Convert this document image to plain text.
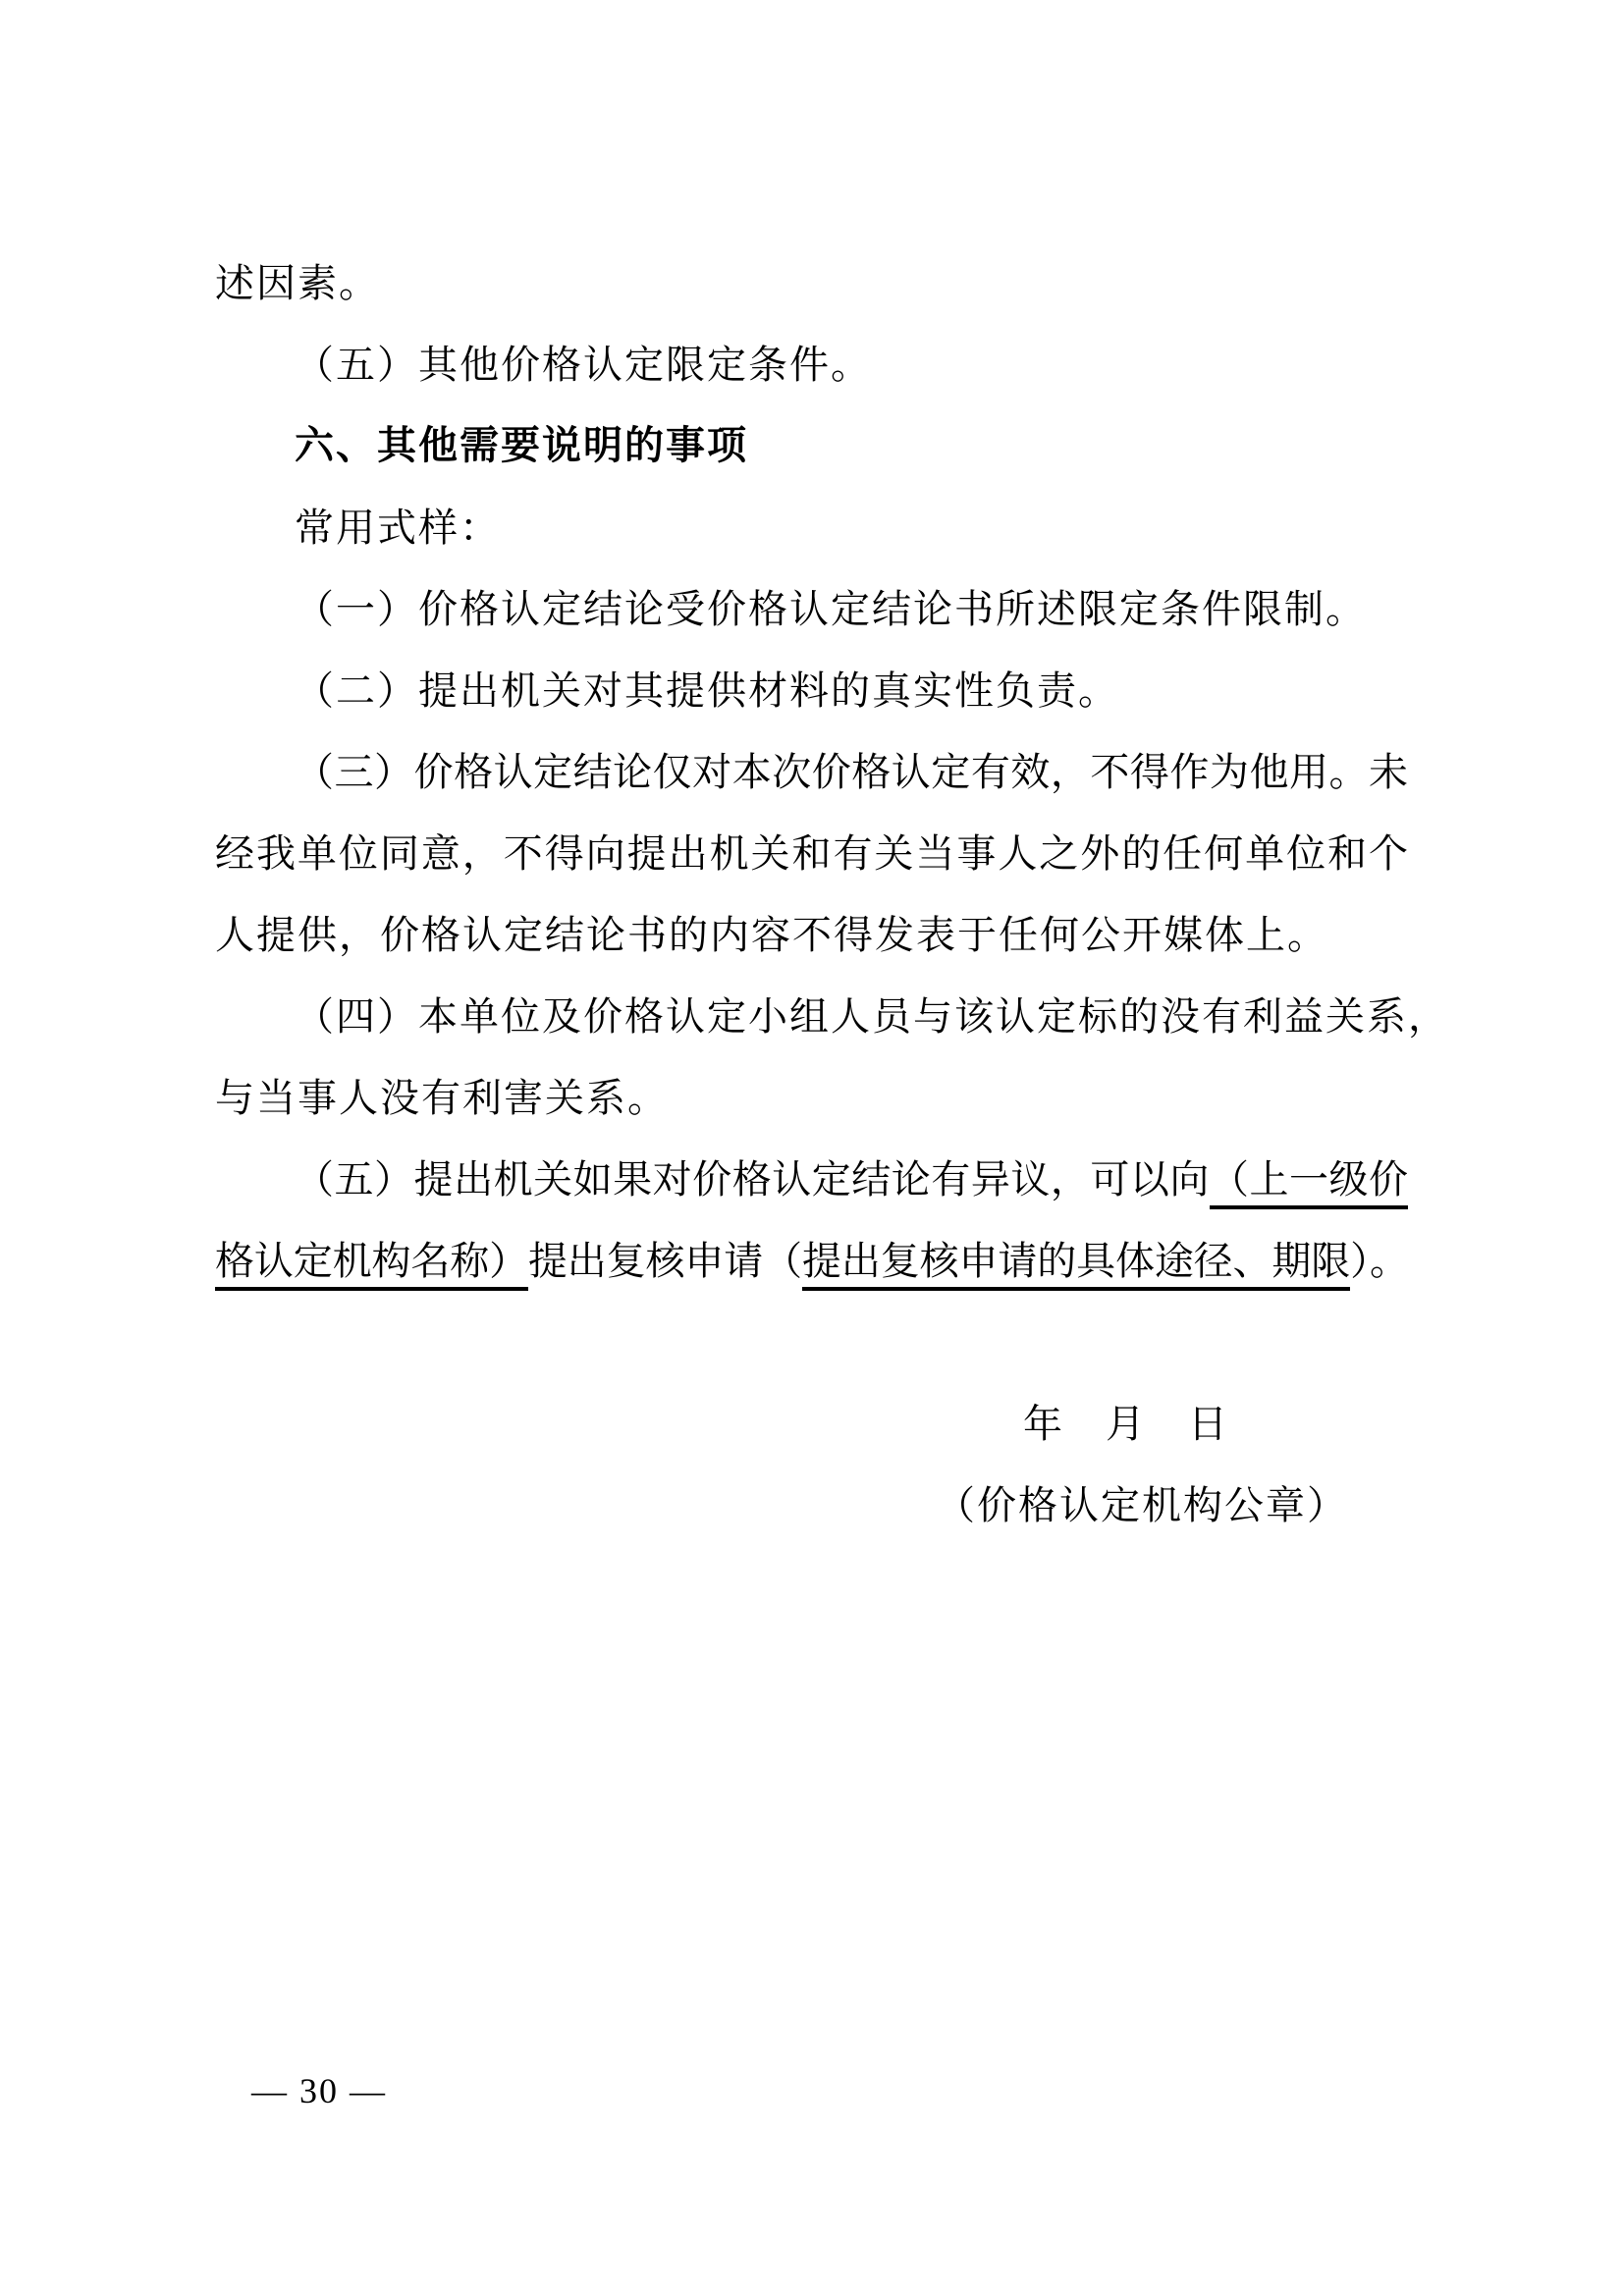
述因素。
（五）其他价格认定限定条件。
六、其他需要说明的事项
常用式样：
（一）价格认定结论受价格认定结论书所述限定条件限制。
（二）提出机关对其提供材料的真实性负责。
（三）价格认定结论仅对本次价格认定有效，不得作为他用。未
经我单位同意，不得向提出机关和有关当事人之外的任何单位和个
人提供，价格认定结论书的内容不得发表于任何公开媒体上。
（四）本单位及价格认定小组人员与该认定标的没有利益关系，
与当事人没有利害关系。
（五）提出机关如果对价格认定结论有异议，可以向（上一级价
格认定机构名称）提出复核申请（提出复核申请的具体途径、期限）。
年　月　日
（价格认定机构公章）
— 30 —
